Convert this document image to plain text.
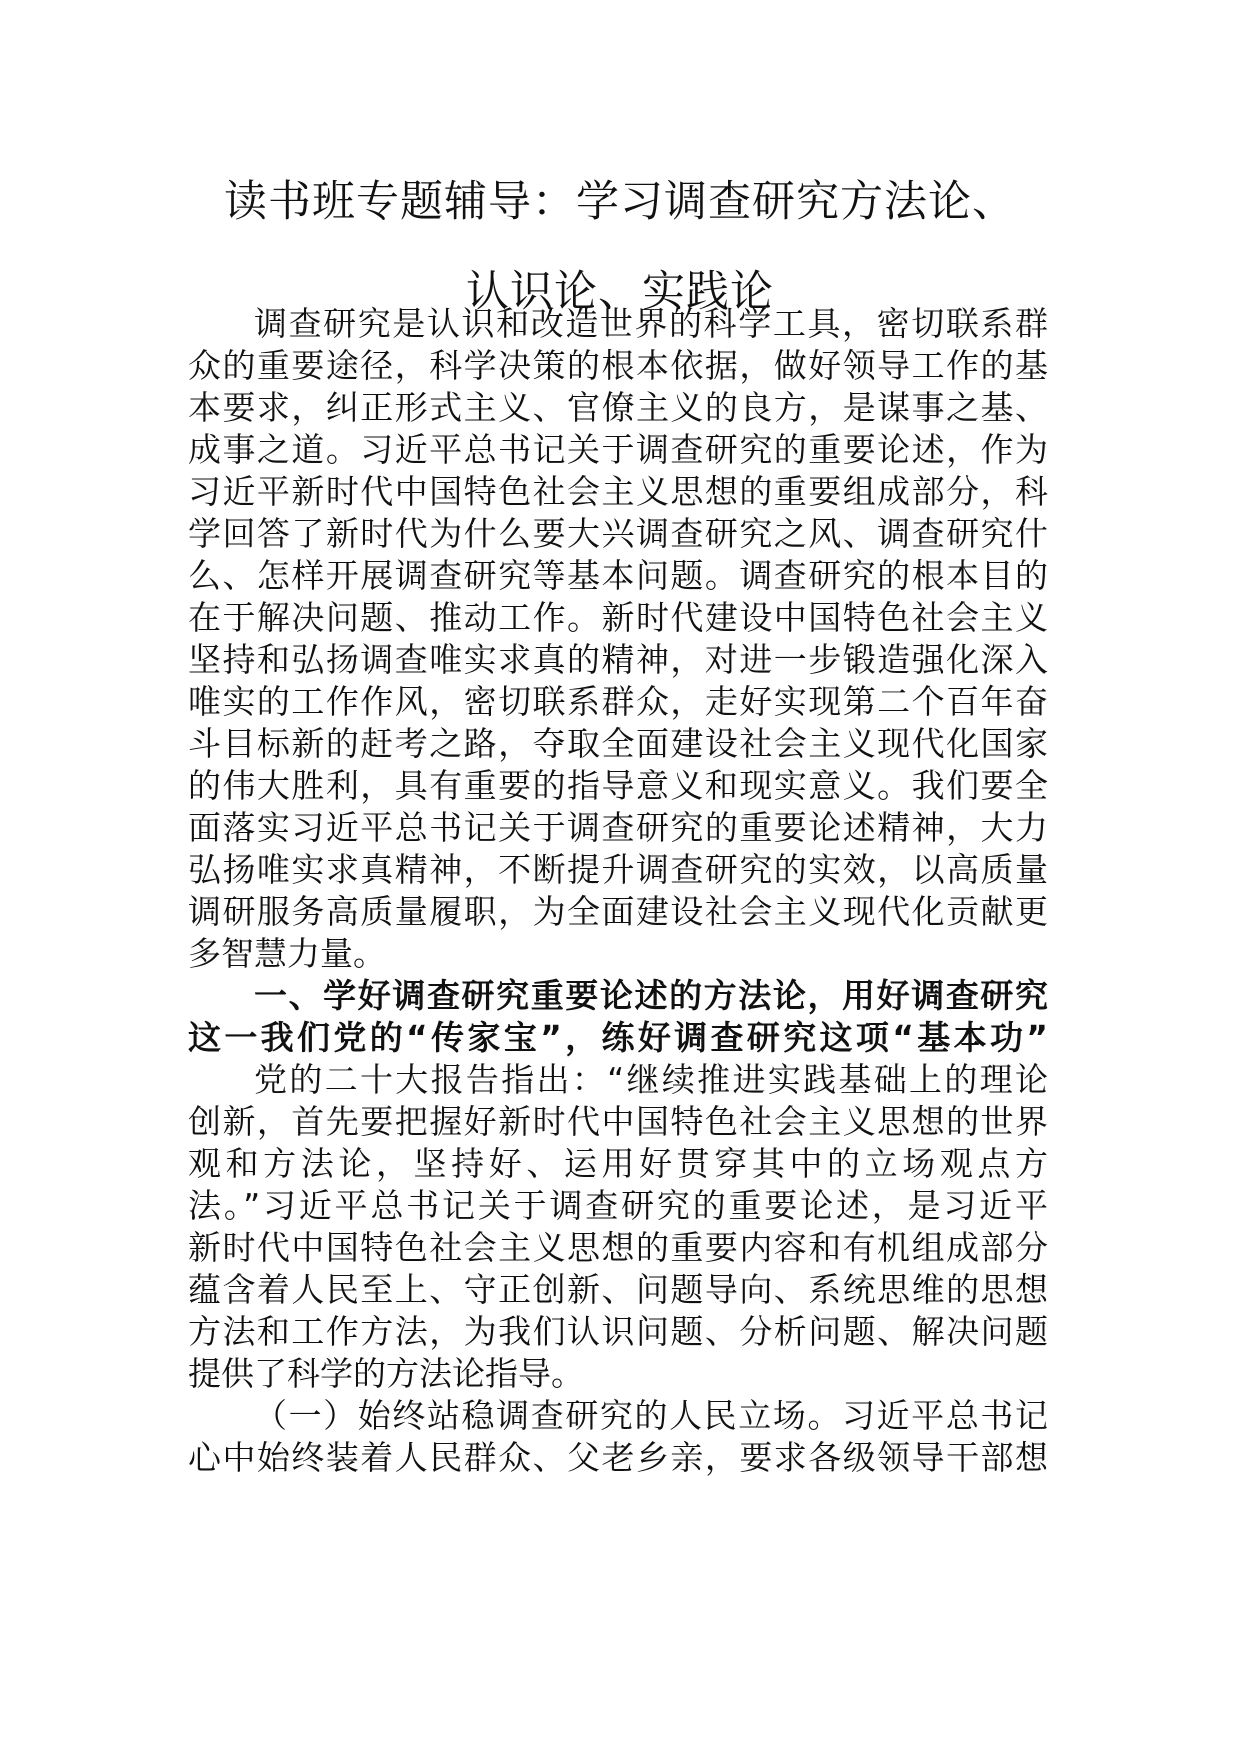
读书班专题辅导：学习调查研究方法论、
认识论、实践论
调查研究是认识和改造世界的科学工具，密切联系群
众的重要途径，科学决策的根本依据，做好领导工作的基
本要求，纠正形式主义、官僚主义的良方，是谋事之基、
成事之道。习近平总书记关于调查研究的重要论述，作为
习近平新时代中国特色社会主义思想的重要组成部分，科
学回答了新时代为什么要大兴调查研究之风、调查研究什
么、怎样开展调查研究等基本问题。调查研究的根本目的
在于解决问题、推动工作。新时代建设中国特色社会主义
坚持和弘扬调查唯实求真的精神，对进一步锻造强化深入
唯实的工作作风，密切联系群众，走好实现第二个百年奋
斗目标新的赶考之路，夺取全面建设社会主义现代化国家
的伟大胜利，具有重要的指导意义和现实意义。我们要全
面落实习近平总书记关于调查研究的重要论述精神，大力
弘扬唯实求真精神，不断提升调查研究的实效，以高质量
调研服务高质量履职，为全面建设社会主义现代化贡献更
多智慧力量。
一、学好调查研究重要论述的方法论，用好调查研究
这一我们党的“传家宝”，练好调查研究这项“基本功”
党的二十大报告指出：“继续推进实践基础上的理论
创新，首先要把握好新时代中国特色社会主义思想的世界
观和方法论，坚持好、运用好贯穿其中的立场观点方
法。”习近平总书记关于调查研究的重要论述，是习近平
新时代中国特色社会主义思想的重要内容和有机组成部分
蕴含着人民至上、守正创新、问题导向、系统思维的思想
方法和工作方法，为我们认识问题、分析问题、解决问题
提供了科学的方法论指导。
（一）始终站稳调查研究的人民立场。习近平总书记
心中始终装着人民群众、父老乡亲，要求各级领导干部想
